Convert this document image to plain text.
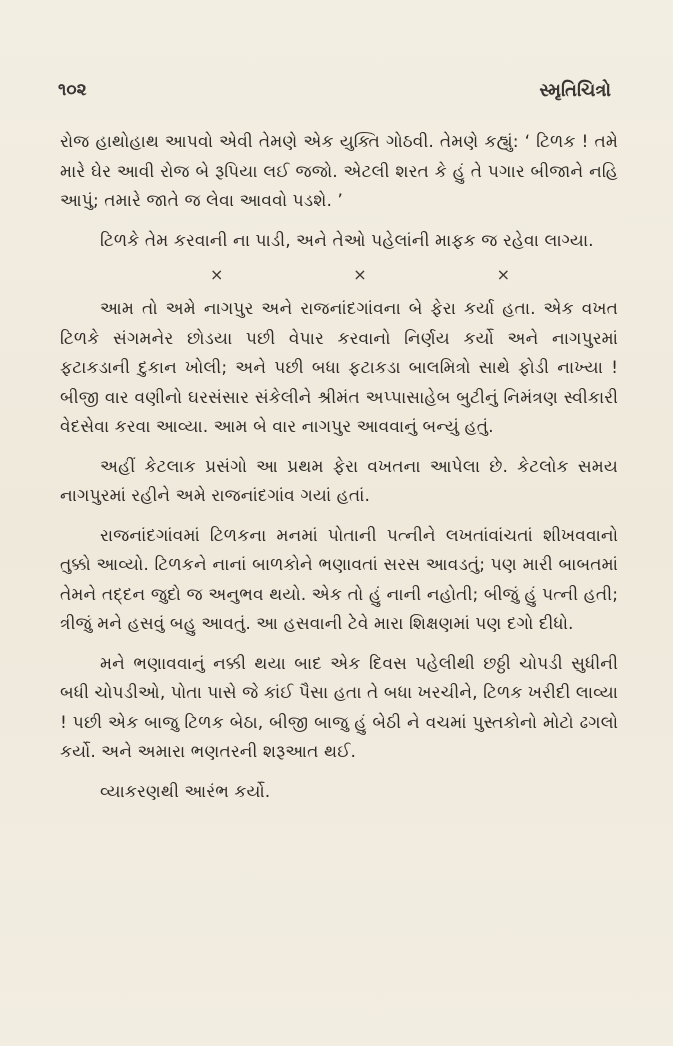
૧૦૨	સ્મૃતિચિત્રો

રોજ હાથોહાથ આપવો એવી તેમણે એક યુક્તિ ગોઠવી. તેમણે કહ્યું: ‘ ટિળક ! તમે મારે ઘેર આવી રોજ બે રૂપિયા લઈ જજો. એટલી શરત કે હું તે પગાર બીજાને નહિ આપું; તમારે જાતે જ લેવા આવવો પડશે. ’

ટિળકે તેમ કરવાની ના પાડી, અને તેઓ પહેલાંની માફક જ રહેવા લાગ્યા.

×	×	×

આમ તો અમે નાગપુર અને રાજનાંદગાંવના બે ફેરા કર્યા હતા. એક વખત ટિળકે સંગમનેર છોડયા પછી વેપાર કરવાનો નિર્ણય કર્યો અને નાગપુરમાં ફટાકડાની દુકાન ખોલી; અને પછી બધા ફટાકડા બાલમિત્રો સાથે ફોડી નાખ્યા ! બીજી વાર વણીનો ઘરસંસાર સંકેલીને શ્રીમંત અપ્પાસાહેબ બુટીનું નિમંત્રણ સ્વીકારી વેદસેવા કરવા આવ્યા. આમ બે વાર નાગપુર આવવાનું બન્યું હતું.

અહીં કેટલાક પ્રસંગો આ પ્રથમ ફેરા વખતના આપેલા છે. કેટલોક સમય નાગપુરમાં રહીને અમે રાજનાંદગાંવ ગયાં હતાં.

રાજનાંદગાંવમાં ટિળકના મનમાં પોતાની પત્નીને લખતાંવાંચતાં શીખવવાનો તુક્કો આવ્યો. ટિળકને નાનાં બાળકોને ભણાવતાં સરસ આવડતું; પણ મારી બાબતમાં તેમને તદ્દન જુદો જ અનુભવ થયો. એક તો હું નાની નહોતી; બીજું હું પત્ની હતી; ત્રીજું મને હસવું બહુ આવતું. આ હસવાની ટેવે મારા શિક્ષણમાં પણ દગો દીધો.

મને ભણાવવાનું નક્કી થયા બાદ એક દિવસ પહેલીથી છઠ્ઠી ચોપડી સુધીની બધી ચોપડીઓ, પોતા પાસે જે કાંઈ પૈસા હતા તે બધા ખરચીને, ટિળક ખરીદી લાવ્યા ! પછી એક બાજુ ટિળક બેઠા, બીજી બાજુ હું બેઠી ને વચમાં પુસ્તકોનો મોટો ઢગલો કર્યો. અને અમારા ભણતરની શરૂઆત થઈ.

વ્યાકરણથી આરંભ કર્યો.
